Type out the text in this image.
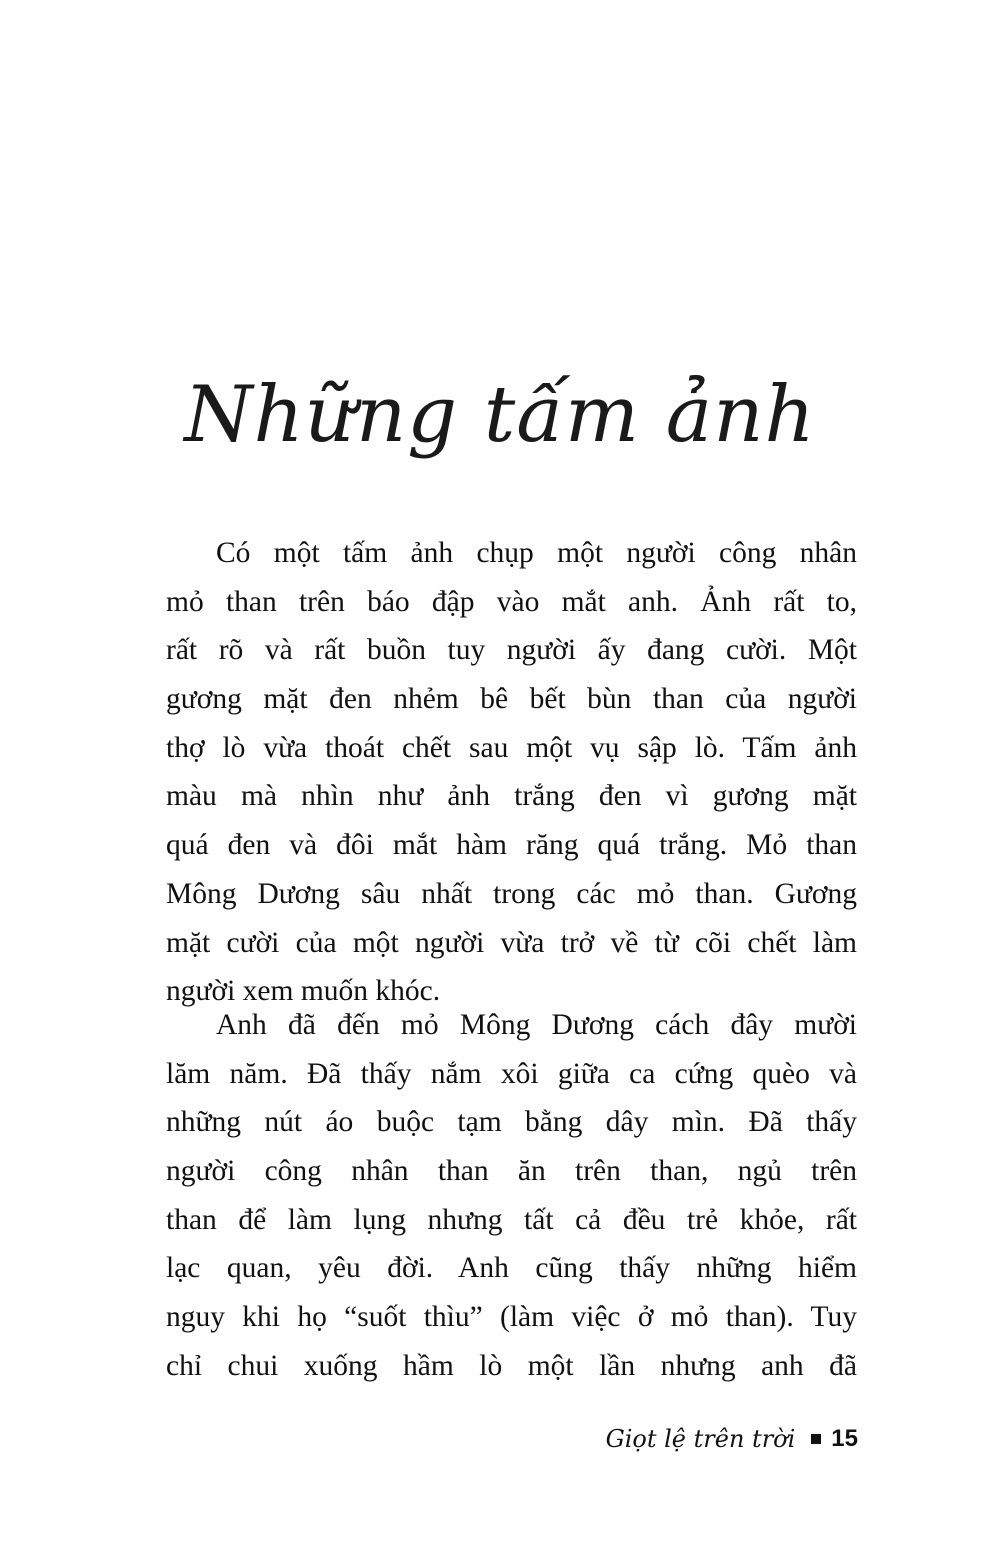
Những tấm ảnh
Có một tấm ảnh chụp một người công nhân
mỏ than trên báo đập vào mắt anh. Ảnh rất to,
rất rõ và rất buồn tuy người ấy đang cười. Một
gương mặt đen nhẻm bê bết bùn than của người
thợ lò vừa thoát chết sau một vụ sập lò. Tấm ảnh
màu mà nhìn như ảnh trắng đen vì gương mặt
quá đen và đôi mắt hàm răng quá trắng. Mỏ than
Mông Dương sâu nhất trong các mỏ than. Gương
mặt cười của một người vừa trở về từ cõi chết làm
người xem muốn khóc.
Anh đã đến mỏ Mông Dương cách đây mười
lăm năm. Đã thấy nắm xôi giữa ca cứng quèo và
những nút áo buộc tạm bằng dây mìn. Đã thấy
người công nhân than ăn trên than, ngủ trên
than để làm lụng nhưng tất cả đều trẻ khỏe, rất
lạc quan, yêu đời. Anh cũng thấy những hiểm
nguy khi họ “suốt thìu” (làm việc ở mỏ than). Tuy
chỉ chui xuống hầm lò một lần nhưng anh đã
Giọt lệ trên trời 15
